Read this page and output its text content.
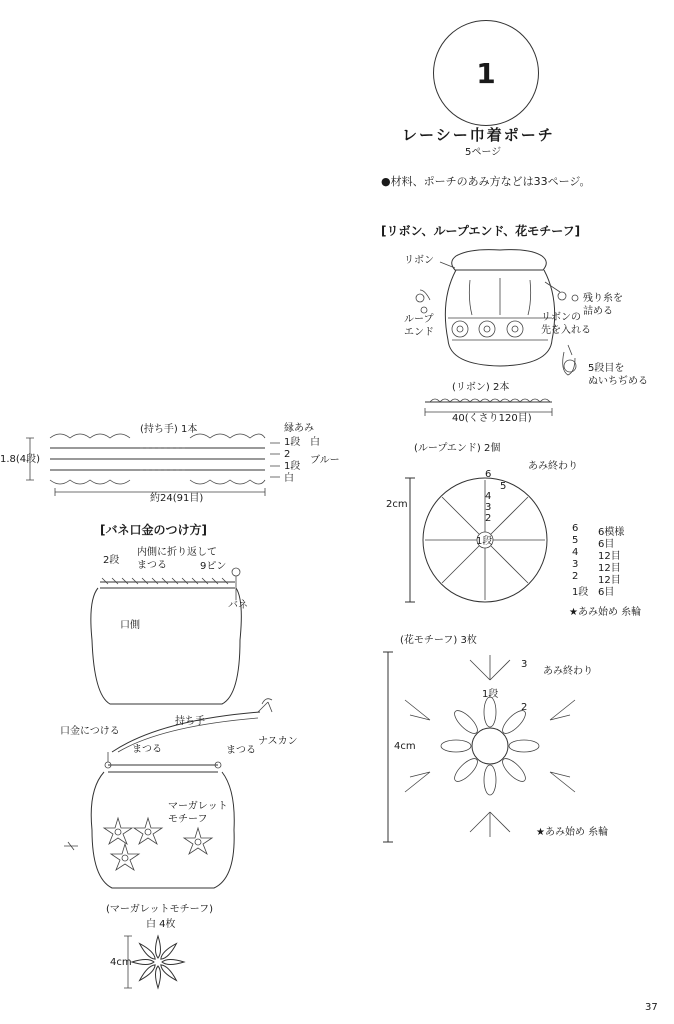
1
レーシー巾着ポーチ
5ページ
●材料、ポーチのあみ方などは33ページ。
[リボン、ループエンド、花モチーフ]
リボン
ループ
エンド
残り糸を
詰める
リボンの
先を入れる
5段目を
ぬいちぢめる
(リボン) 2本
40(くさり120目)
(ループエンド) 2個
あみ終わり
2cm
6
5
4
3
2
1段
6	6模様
5	6目
4	12目
3	12目
2	12目
1段 6目
★あみ始め 糸輪
(花モチーフ) 3枚
あみ終わり
3
2
1段
4cm
★あみ始め 糸輪
(持ち手) 1本
1.8(4段)
約24(91目)
縁あみ
1段 白
2
1段
ブルー
白
[バネ口金のつけ方]
2段
内側に折り返して
まつる	9ピン
バネ
口側
口金につける
持ち手
まつる	まつる
ナスカン
マーガレット
モチーフ
(マーガレットモチーフ)
白 4枚
4cm
37
